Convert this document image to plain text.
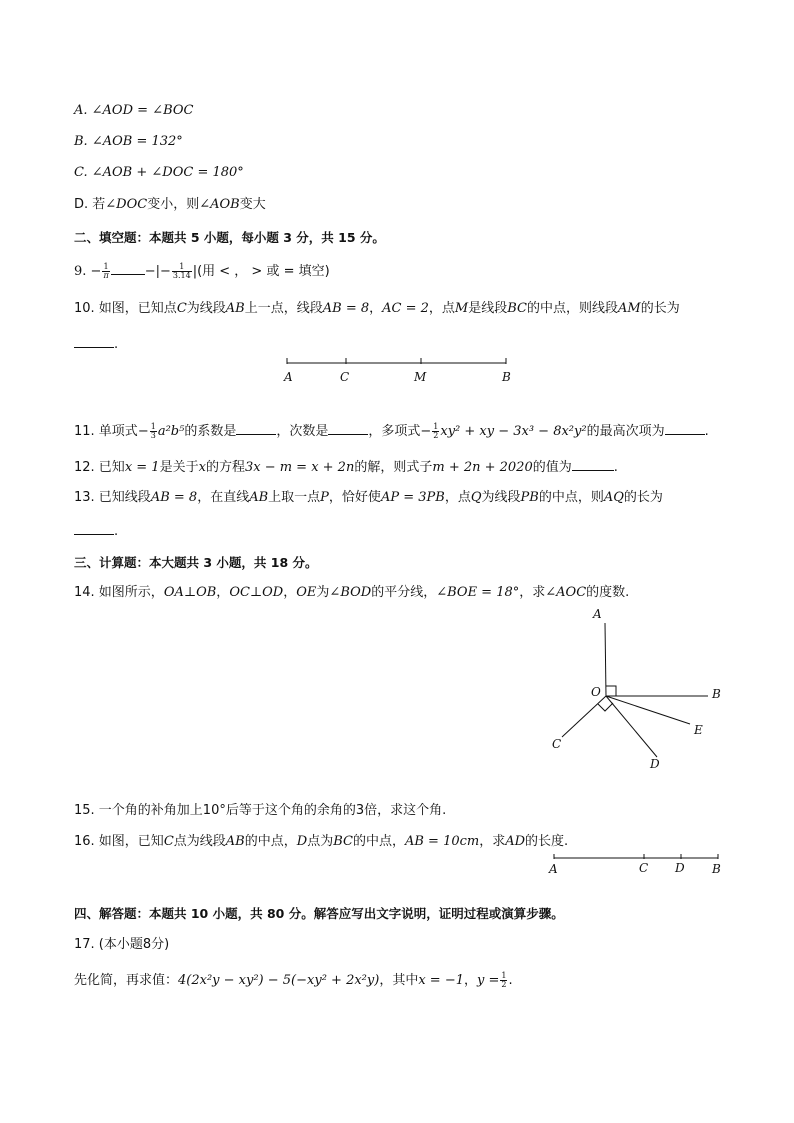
A. ∠AOD = ∠BOC
B. ∠AOB = 132°
C. ∠AOB + ∠DOC = 180°
D. 若∠DOC变小，则∠AOB变大
二、填空题：本题共 5 小题，每小题 3 分，共 15 分。
9. − $\frac{1}{\pi}$	−|− $\frac{1}{3.14}$ |(用 < ， > 或 = 填空)
10. 如图，已知点C为线段AB上一点，线段AB = 8，AC = 2，点M是线段BC的中点，则线段AM的长为
.
A	C	M	B
11. 单项式− $\frac{1}{3} a^2b^5$的系数是	，次数是	，多项式− $\frac{1}{2} xy^2$ + xy − 3x³ − 8x²y²的最高次项为	.
12. 已知x = 1是关于x的方程3x − m = x + 2n的解，则式子m + 2n + 2020的值为	.
13. 已知线段AB = 8，在直线AB上取一点P，恰好使AP = 3PB，点Q为线段PB的中点，则AQ的长为
.
三、计算题：本大题共 3 小题，共 18 分。
14. 如图所示，OA⊥OB，OC⊥OD，OE为∠BOD的平分线，∠BOE = 18°，求∠AOC的度数.
A
O	B
C
E
D
15. 一个角的补角加上10°后等于这个角的余角的3倍，求这个角.
16. 如图，已知C点为线段AB的中点，D点为BC的中点，AB = 10cm，求AD的长度.
A	C D B
四、解答题：本题共 10 小题，共 80 分。解答应写出文字说明，证明过程或演算步骤。
17. (本小题8分)
先化简，再求值：4(2x²y − xy²) − 5(−xy² + 2x²y)，其中x = −1，$y = \frac{1}{2}$ .
